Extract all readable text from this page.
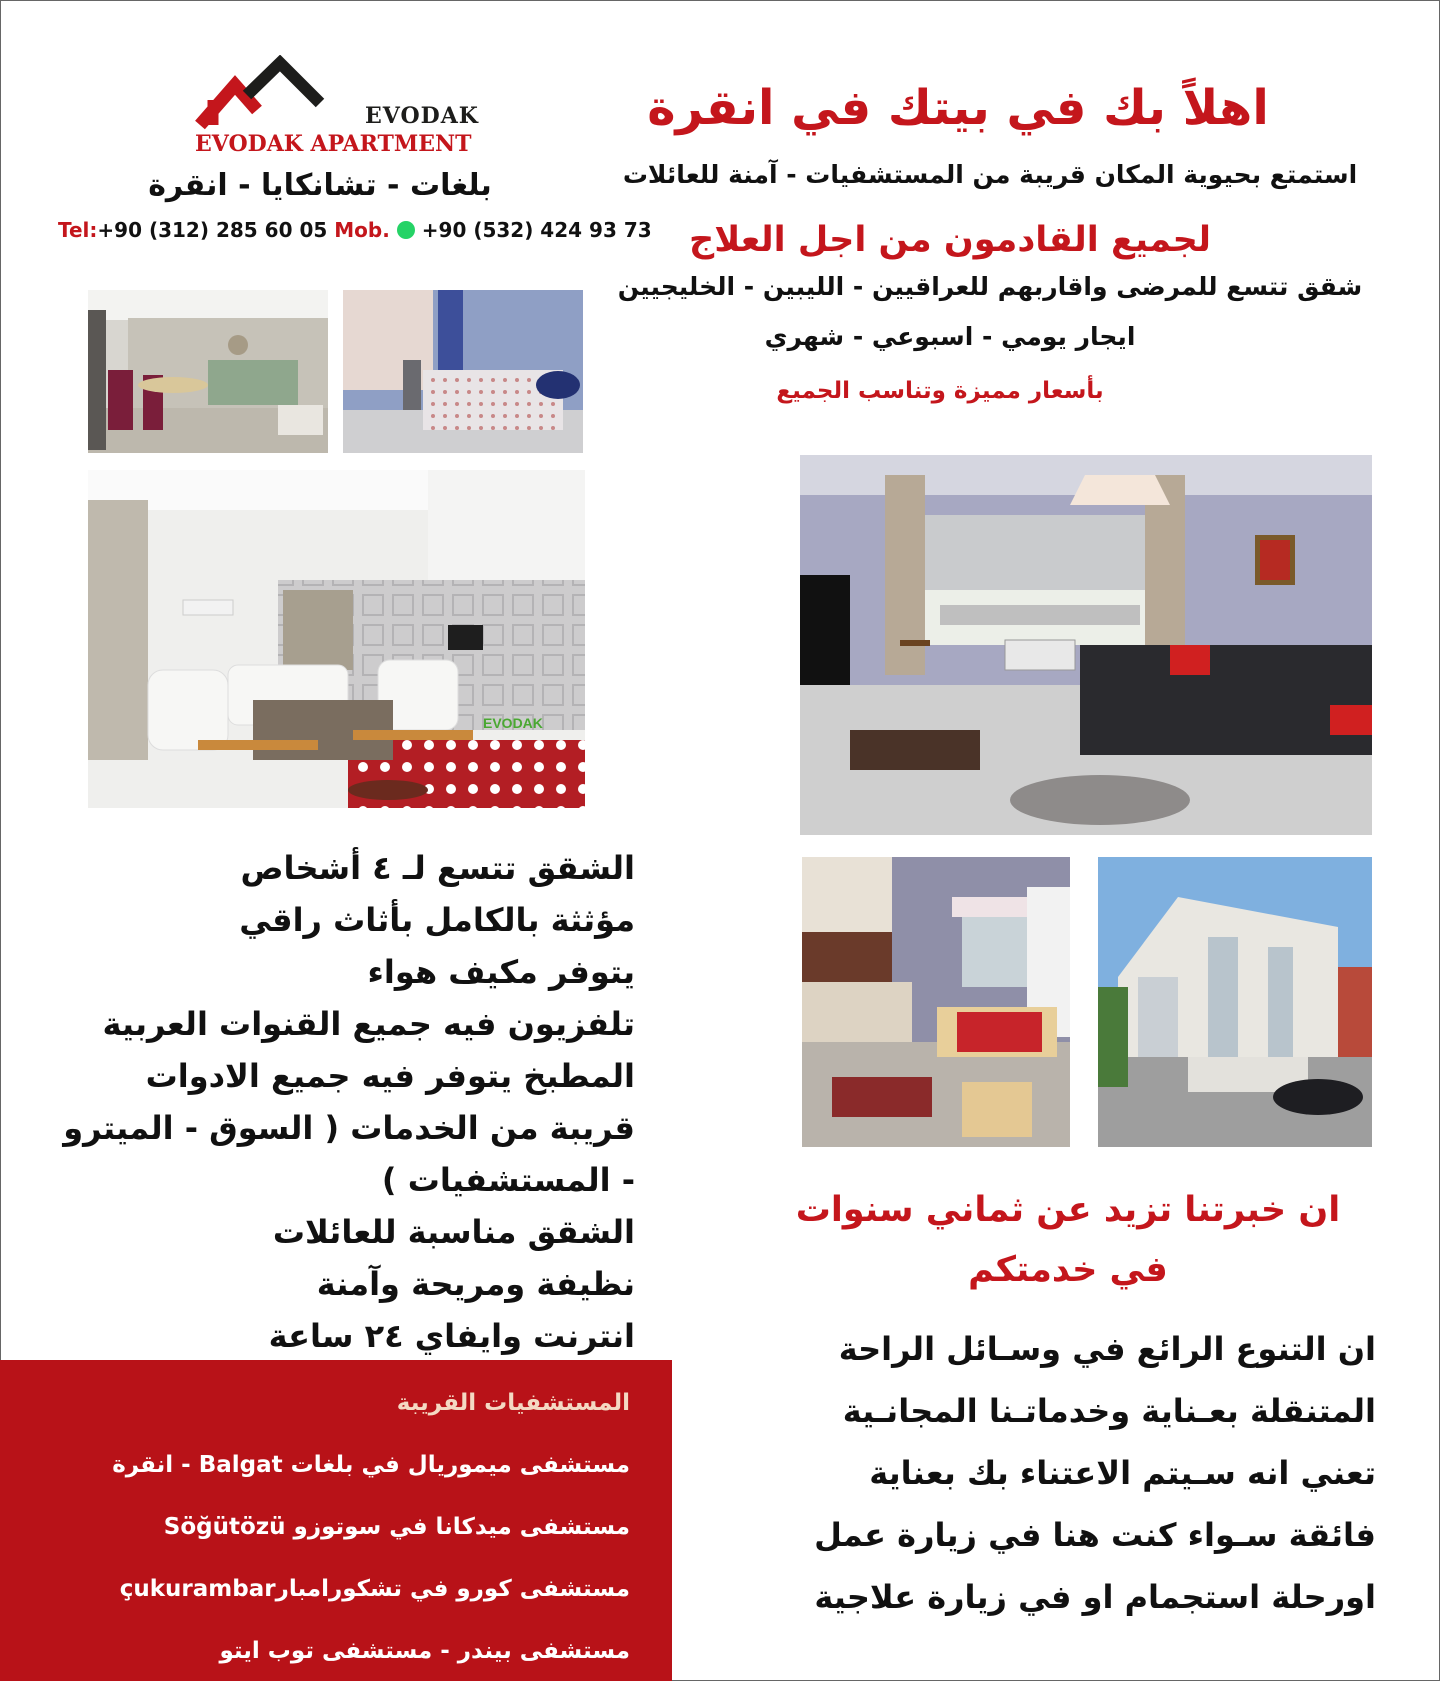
EVODAK
EVODAK APARTMENT
بلغات - تشانكايا - انقرة
Tel:+90 (312) 285 60 05 Mob. +90 (532) 424 93 73
اهلاً بك في بيتك في انقرة
استمتع بحيوية المكان قريبة من المستشفيات - آمنة للعائلات
لجميع القادمون من اجل العلاج
شقق تتسع للمرضى واقاربهم للعراقيين - الليبين - الخليجيين
ايجار يومي - اسبوعي - شهري
بأسعار مميزة وتناسب الجميع
EVODAK
الشقق تتسع لـ ٤ أشخاص
مؤثثة بالكامل بأثاث راقي
يتوفر مكيف هواء
تلفزيون فيه جميع القنوات العربية
المطبخ يتوفر فيه جميع الادوات
قريبة من الخدمات ( السوق - الميترو
- المستشفيات )
الشقق مناسبة للعائلات
نظيفة ومريحة وآمنة
انترنت وايفاي ٢٤ ساعة
المستشفيات القريبة
مستشفى ميموريال في بلغات Balgat - انقرة
مستشفى ميدكانا في سوتوزو Söğütözü
مستشفى كورو في تشكورامبارçukurambar
مستشفى بيندر - مستشفى توب ايتو
ان خبرتنا تزيد عن ثماني سنوات
في خدمتكم
ان التنوع الرائع في وسـائل الراحة
المتنقلة بعـناية وخدماتـنا المجانـية
تعني انه سـيتم الاعتناء بك بعناية
فائقة سـواء كنت هنا في زيارة عمل
اورحلة استجمام او في زيارة علاجية
